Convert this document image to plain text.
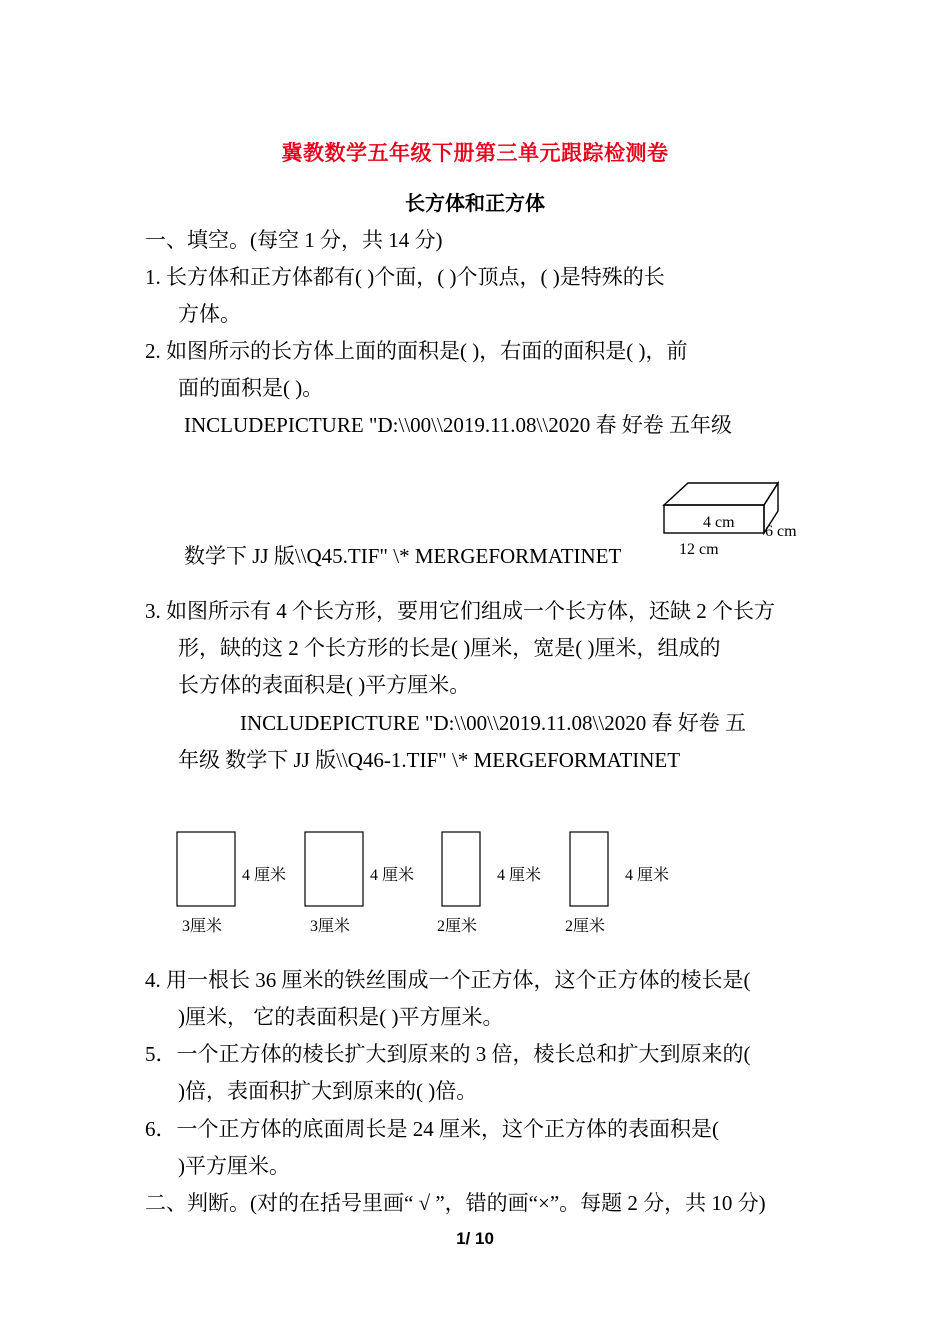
冀教数学五年级下册第三单元跟踪检测卷
长方体和正方体
一、填空。(每空 1 分，共 14 分)
1. 长方体和正方体都有( )个面，( )个顶点，( )是特殊的长
方体。
2. 如图所示的长方体上面的面积是( )，右面的面积是( )，前
面的面积是( )。
INCLUDEPICTURE "D:\\00\\2019.11.08\\2020 春 好卷 五年级
数学下 JJ 版\\Q45.TIF" \* MERGEFORMATINET
4 cm
6 cm
12 cm
3. 如图所示有 4 个长方形，要用它们组成一个长方体，还缺 2 个长方
形，缺的这 2 个长方形的长是( )厘米，宽是( )厘米，组成的
长方体的表面积是( )平方厘米。
INCLUDEPICTURE "D:\\00\\2019.11.08\\2020 春 好卷 五
年级 数学下 JJ 版\\Q46-1.TIF" \* MERGEFORMATINET
4 厘米	4 厘米	4 厘米	4 厘米
3厘米	3厘米	2厘米	2厘米
4. 用一根长 36 厘米的铁丝围成一个正方体，这个正方体的棱长是(
)厘米， 它的表面积是( )平方厘米。
5．一个正方体的棱长扩大到原来的 3 倍，棱长总和扩大到原来的(
)倍，表面积扩大到原来的( )倍。
6．一个正方体的底面周长是 24 厘米，这个正方体的表面积是(
)平方厘米。
二、判断。(对的在括号里画“ √ ”，错的画“×”。每题 2 分，共 10 分)
1/ 10
